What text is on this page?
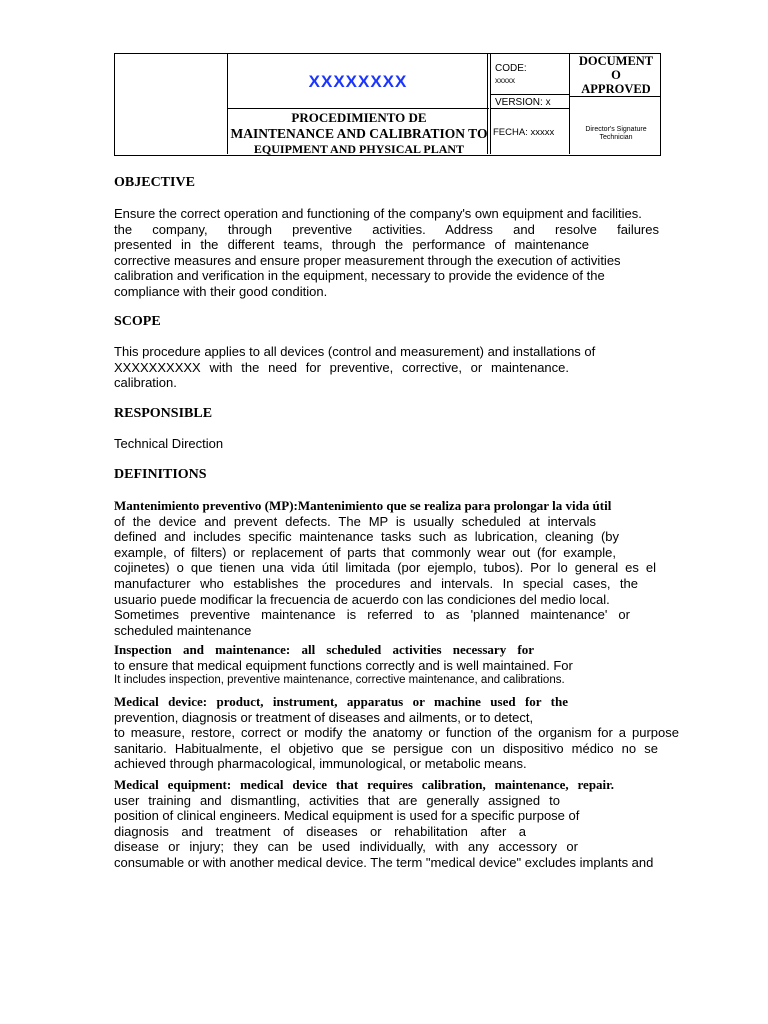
XXXXXXXX
PROCEDIMIENTO DE
MAINTENANCE AND CALIBRATION TO
EQUIPMENT AND PHYSICAL PLANT
CODE:
xxxxx
VERSION: x
FECHA: xxxxx
DOCUMENT
O
APPROVED
Director's Signature
Technician
OBJECTIVE
Ensure the correct operation and functioning of the company's own equipment and facilities.
the company, through preventive activities. Address and resolve failures
presented in the different teams, through the performance of maintenance
corrective measures and ensure proper measurement through the execution of activities
calibration and verification in the equipment, necessary to provide the evidence of the
compliance with their good condition.
SCOPE
This procedure applies to all devices (control and measurement) and installations of
XXXXXXXXXX with the need for preventive, corrective, or maintenance.
calibration.
RESPONSIBLE
Technical Direction
DEFINITIONS
Mantenimiento preventivo (MP):Mantenimiento que se realiza para prolongar la vida útil
of the device and prevent defects. The MP is usually scheduled at intervals
defined and includes specific maintenance tasks such as lubrication, cleaning (by
example, of filters) or replacement of parts that commonly wear out (for example,
cojinetes) o que tienen una vida útil limitada (por ejemplo, tubos). Por lo general es el
manufacturer who establishes the procedures and intervals. In special cases, the
usuario puede modificar la frecuencia de acuerdo con las condiciones del medio local.
Sometimes preventive maintenance is referred to as 'planned maintenance' or
scheduled maintenance
Inspection and maintenance: all scheduled activities necessary for
to ensure that medical equipment functions correctly and is well maintained. For
It includes inspection, preventive maintenance, corrective maintenance, and calibrations.
Medical device: product, instrument, apparatus or machine used for the
prevention, diagnosis or treatment of diseases and ailments, or to detect,
to measure, restore, correct or modify the anatomy or function of the organism for a purpose
sanitario. Habitualmente, el objetivo que se persigue con un dispositivo médico no se
achieved through pharmacological, immunological, or metabolic means.
Medical equipment: medical device that requires calibration, maintenance, repair.
user training and dismantling, activities that are generally assigned to
position of clinical engineers. Medical equipment is used for a specific purpose of
diagnosis and treatment of diseases or rehabilitation after a
disease or injury; they can be used individually, with any accessory or
consumable or with another medical device. The term "medical device" excludes implants and
